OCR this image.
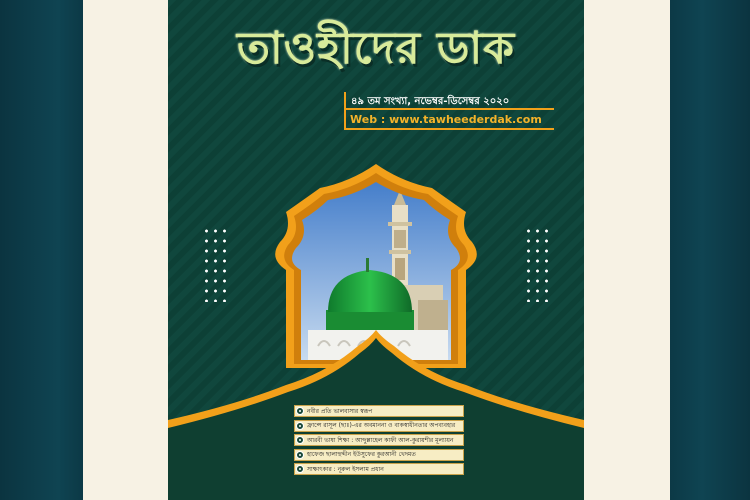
তাওহীদের ডাক
৪৯ তম সংখ্যা, নভেম্বর-ডিসেম্বর ২০২০
Web : www.tawheederdak.com
নবীর প্রতি ভালবাসার স্বরূপ
ফ্রান্সে রাসূল (ছাঃ)-এর অবমাননা ও বাকস্বাধীনতার অপব্যবহার
আরবী ভাষা শিক্ষা : আব্দুল্লাহেল কাফী আল-কুরায়শীর মূল্যায়ন
হাফেজ ছালাহুদ্দীন ইউসুফের কুরআনী খেদমত
সাক্ষাৎকার : নূরুল ইসলাম প্রধান
